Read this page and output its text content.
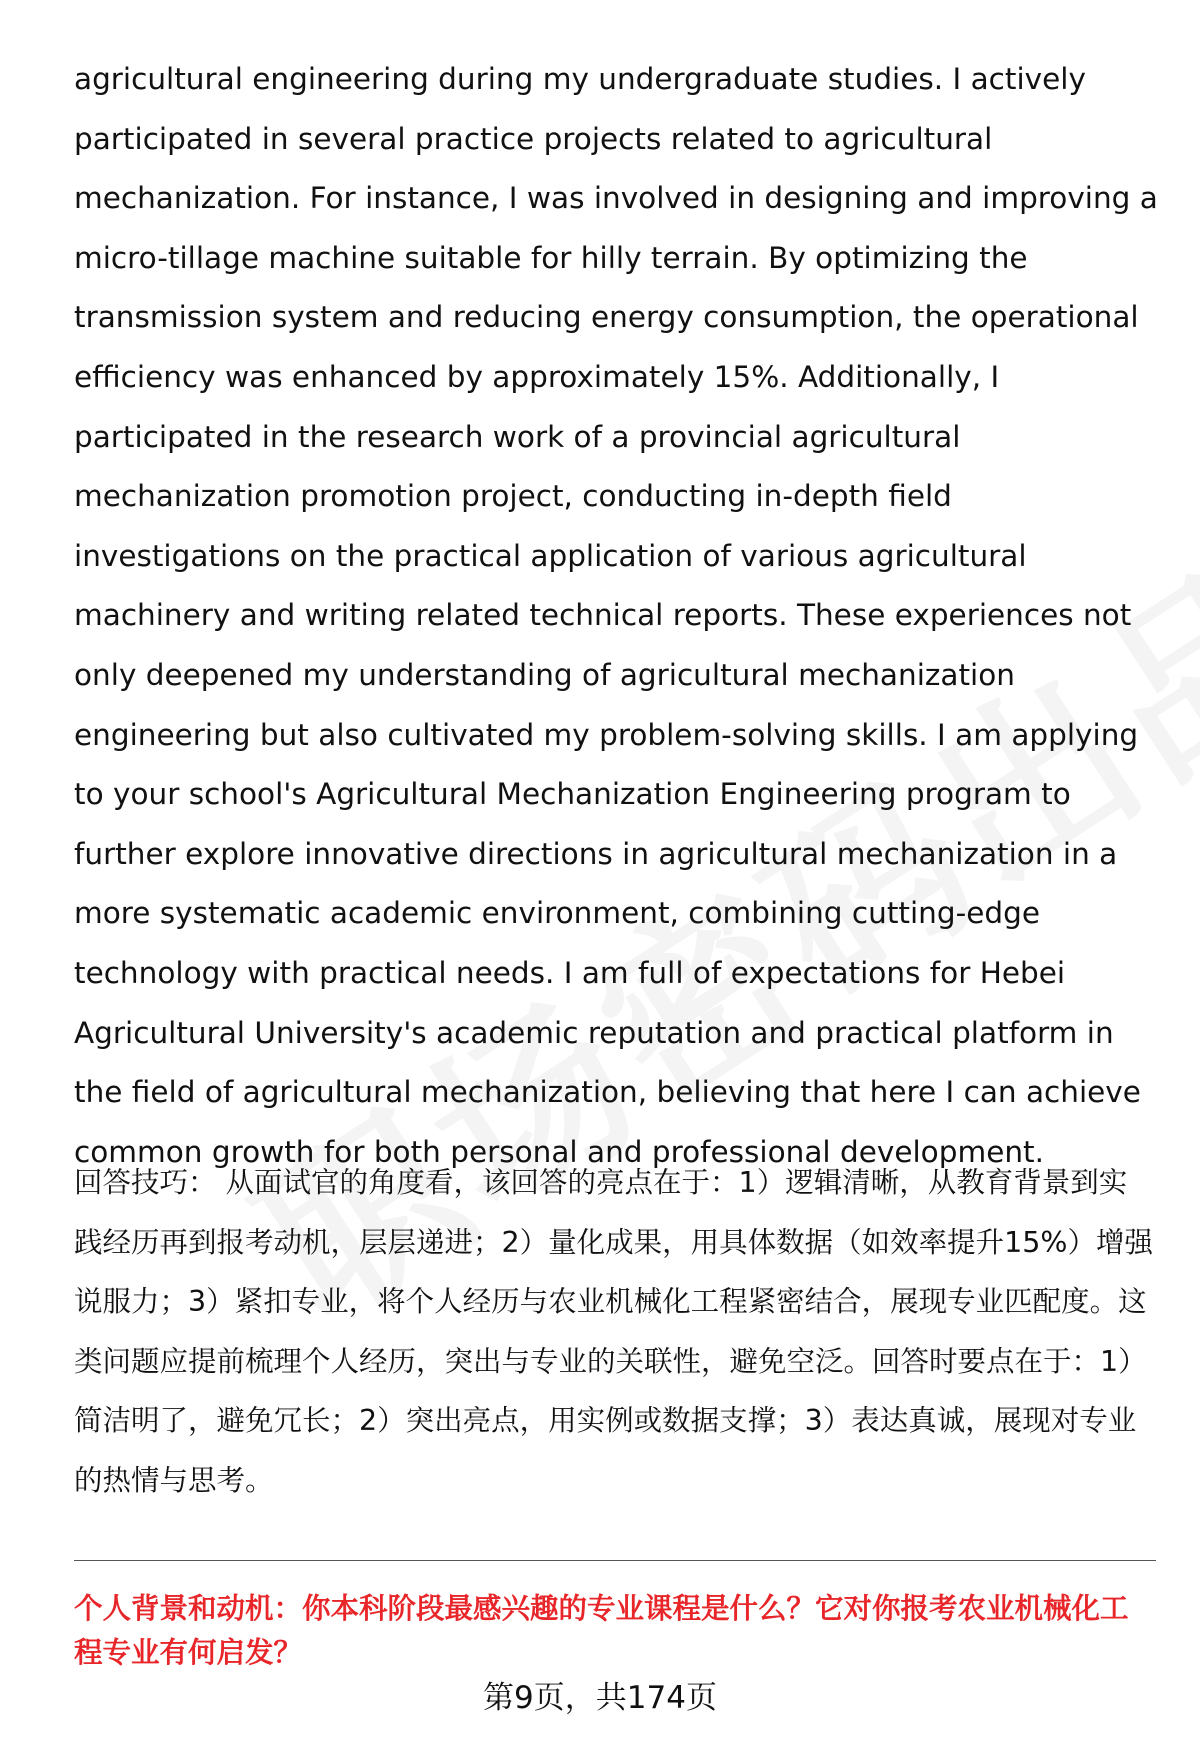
agricultural engineering during my undergraduate studies. I actively participated in several practice projects related to agricultural mechanization. For instance, I was involved in designing and improving a micro-tillage machine suitable for hilly terrain. By optimizing the transmission system and reducing energy consumption, the operational efficiency was enhanced by approximately 15%. Additionally, I participated in the research work of a provincial agricultural mechanization promotion project, conducting in-depth field investigations on the practical application of various agricultural machinery and writing related technical reports. These experiences not only deepened my understanding of agricultural mechanization engineering but also cultivated my problem-solving skills. I am applying to your school's Agricultural Mechanization Engineering program to further explore innovative directions in agricultural mechanization in a more systematic academic environment, combining cutting-edge technology with practical needs. I am full of expectations for Hebei Agricultural University's academic reputation and practical platform in the field of agricultural mechanization, believing that here I can achieve common growth for both personal and professional development.

回答技巧： 从面试官的角度看，该回答的亮点在于：1）逻辑清晰，从教育背景到实践经历再到报考动机，层层递进；2）量化成果，用具体数据（如效率提升15%）增强说服力；3）紧扣专业，将个人经历与农业机械化工程紧密结合，展现专业匹配度。这类问题应提前梳理个人经历，突出与专业的关联性，避免空泛。回答时要点在于：1）简洁明了，避免冗长；2）突出亮点，用实例或数据支撑；3）表达真诚，展现对专业的热情与思考。

个人背景和动机：你本科阶段最感兴趣的专业课程是什么？它对你报考农业机械化工程专业有何启发？

第9页，共174页
